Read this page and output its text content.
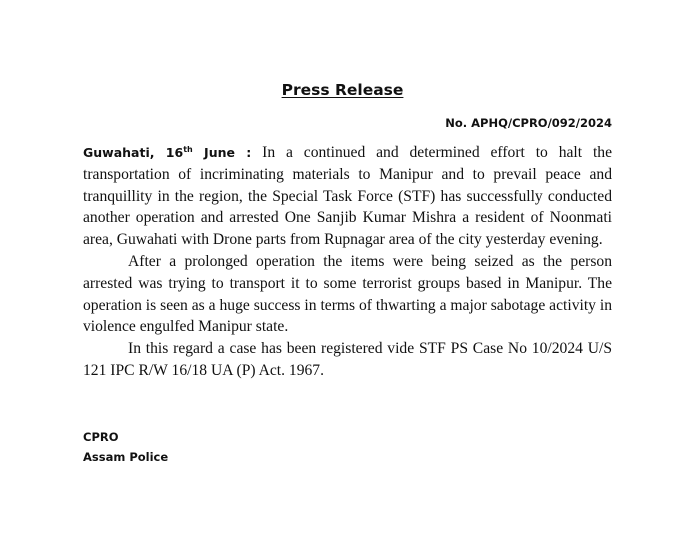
Press Release
No. APHQ/CPRO/092/2024

Guwahati, 16th June : In a continued and determined effort to halt the transportation of incriminating materials to Manipur and to prevail peace and tranquillity in the region, the Special Task Force (STF) has successfully conducted another operation and arrested One Sanjib Kumar Mishra a resident of Noonmati area, Guwahati with Drone parts from Rupnagar area of the city yesterday evening.

After a prolonged operation the items were being seized as the person arrested was trying to transport it to some terrorist groups based in Manipur. The operation is seen as a huge success in terms of thwarting a major sabotage activity in violence engulfed Manipur state.

In this regard a case has been registered vide STF PS Case No 10/2024 U/S 121 IPC R/W 16/18 UA (P) Act. 1967.

CPRO
Assam Police
